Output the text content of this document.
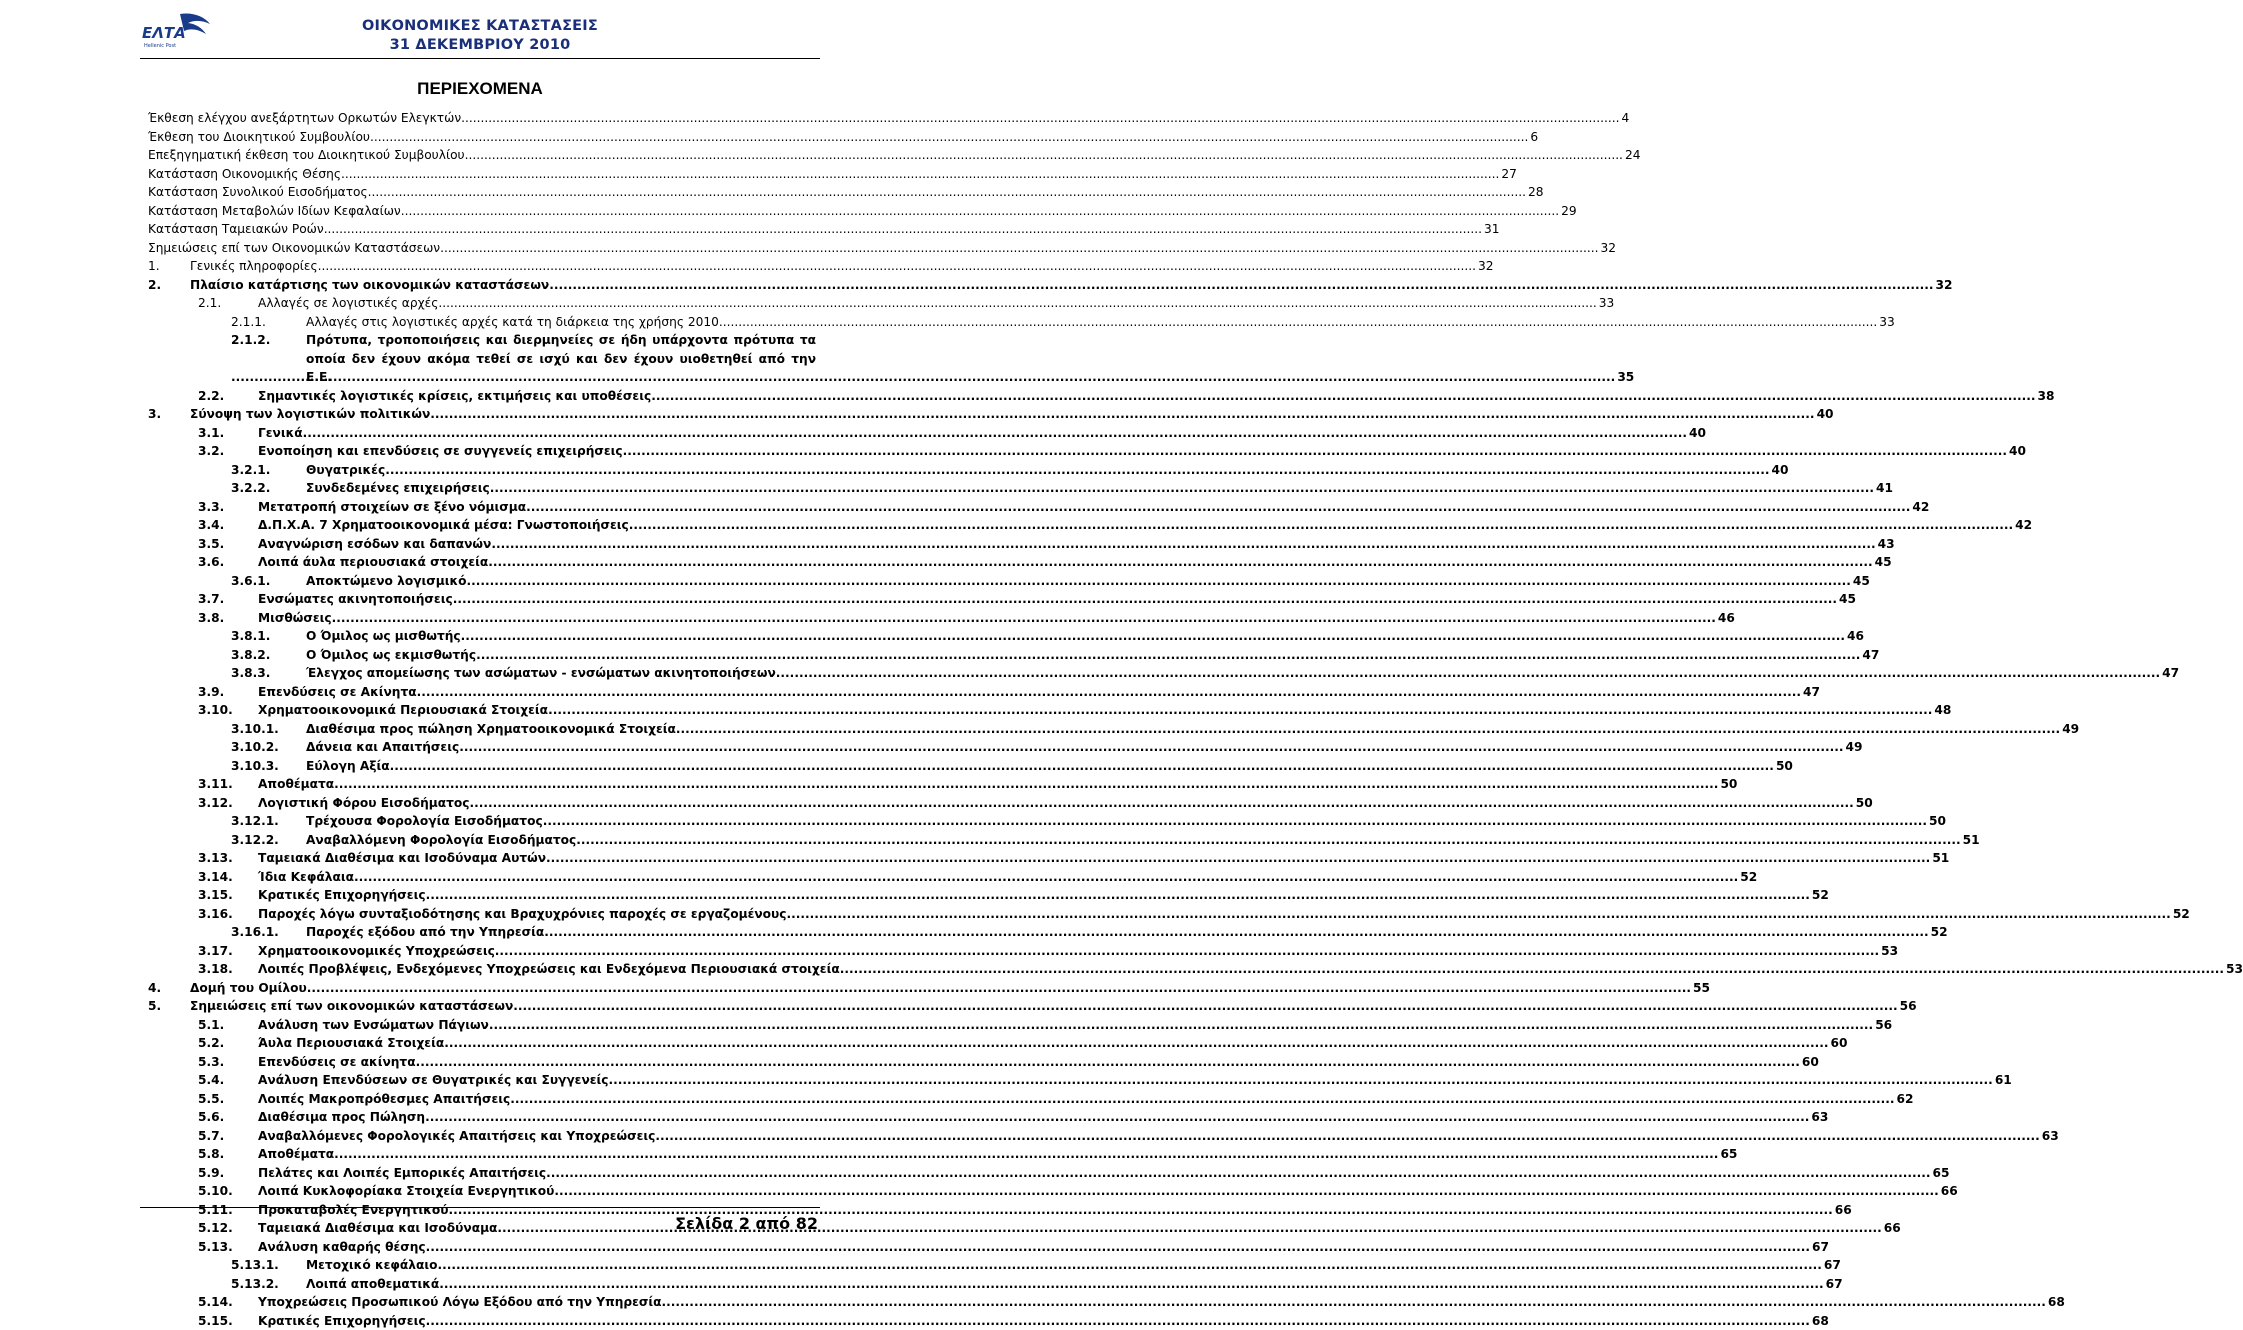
ΕΛΤΑ
Hellenic Post
ΟΙΚΟΝΟΜΙΚΕΣ ΚΑΤΑΣΤΑΣΕΙΣ
31 ΔΕΚΕΜΒΡΙΟΥ 2010
ΠΕΡΙΕΧΟΜΕΝΑ
Έκθεση ελέγχου ανεξάρτητων Ορκωτών Ελεγκτών .....	4
Έκθεση του Διοικητικού Συμβουλίου .....	6
Επεξηγηματική έκθεση του Διοικητικού Συμβουλίου .....	24
Κατάσταση Οικονομικής Θέσης .....	27
Κατάσταση Συνολικού Εισοδήματος .....	28
Κατάσταση Μεταβολών Ιδίων Κεφαλαίων .....	29
Κατάσταση Ταμειακών Ροών .....	31
Σημειώσεις επί των Οικονομικών Καταστάσεων .....	32
1.	Γενικές πληροφορίες .....	32
2.	Πλαίσιο κατάρτισης των οικονομικών καταστάσεων .....	32
2.1.	Αλλαγές σε λογιστικές αρχές .....	33
2.1.1.	Αλλαγές στις λογιστικές αρχές κατά τη διάρκεια της χρήσης 2010 .....	33
2.1.2.	Πρότυπα, τροποποιήσεις και διερμηνείες σε ήδη υπάρχοντα πρότυπα τα οποία δεν έχουν ακόμα τεθεί σε ισχύ και δεν έχουν υιοθετηθεί από την Ε.Ε. .....	35
2.2.	Σημαντικές λογιστικές κρίσεις, εκτιμήσεις και υποθέσεις .....	38
3.	Σύνοψη των λογιστικών πολιτικών .....	40
3.1.	Γενικά .....	40
3.2.	Ενοποίηση και επενδύσεις σε συγγενείς επιχειρήσεις .....	40
3.2.1.	Θυγατρικές .....	40
3.2.2.	Συνδεδεμένες επιχειρήσεις .....	41
3.3.	Μετατροπή στοιχείων σε ξένο νόμισμα .....	42
3.4.	Δ.Π.Χ.Α. 7 Χρηματοοικονομικά μέσα: Γνωστοποιήσεις .....	42
3.5.	Αναγνώριση εσόδων και δαπανών .....	43
3.6.	Λοιπά άυλα περιουσιακά στοιχεία .....	45
3.6.1.	Αποκτώμενο λογισμικό .....	45
3.7.	Ενσώματες ακινητοποιήσεις .....	45
3.8.	Μισθώσεις .....	46
3.8.1.	Ο Όμιλος ως μισθωτής .....	46
3.8.2.	Ο Όμιλος ως εκμισθωτής .....	47
3.8.3.	Έλεγχος απομείωσης των ασώματων - ενσώματων ακινητοποιήσεων .....	47
3.9.	Επενδύσεις σε Ακίνητα .....	47
3.10.	Χρηματοοικονομικά Περιουσιακά Στοιχεία .....	48
3.10.1.	Διαθέσιμα προς πώληση Χρηματοοικονομικά Στοιχεία .....	49
3.10.2.	Δάνεια και Απαιτήσεις .....	49
3.10.3.	Εύλογη Αξία .....	50
3.11.	Αποθέματα .....	50
3.12.	Λογιστική Φόρου Εισοδήματος .....	50
3.12.1.	Τρέχουσα Φορολογία Εισοδήματος .....	50
3.12.2.	Αναβαλλόμενη Φορολογία Εισοδήματος .....	51
3.13.	Ταμειακά Διαθέσιμα και Ισοδύναμα Αυτών .....	51
3.14.	Ίδια Κεφάλαια .....	52
3.15.	Κρατικές Επιχορηγήσεις .....	52
3.16.	Παροχές λόγω συνταξιοδότησης και Βραχυχρόνιες παροχές σε εργαζομένους .....	52
3.16.1.	Παροχές εξόδου από την Υπηρεσία .....	52
3.17.	Χρηματοοικονομικές Υποχρεώσεις .....	53
3.18.	Λοιπές Προβλέψεις, Ενδεχόμενες Υποχρεώσεις και Ενδεχόμενα Περιουσιακά στοιχεία .....	53
4.	Δομή του Ομίλου .....	55
5.	Σημειώσεις επί των οικονομικών καταστάσεων .....	56
5.1.	Ανάλυση των Ενσώματων Πάγιων .....	56
5.2.	Άυλα Περιουσιακά Στοιχεία .....	60
5.3.	Επενδύσεις σε ακίνητα .....	60
5.4.	Ανάλυση Επενδύσεων σε Θυγατρικές και Συγγενείς .....	61
5.5.	Λοιπές Μακροπρόθεσμες Απαιτήσεις .....	62
5.6.	Διαθέσιμα προς Πώληση .....	63
5.7.	Αναβαλλόμενες Φορολογικές Απαιτήσεις και Υποχρεώσεις .....	63
5.8.	Αποθέματα .....	65
5.9.	Πελάτες και Λοιπές Εμπορικές Απαιτήσεις .....	65
5.10.	Λοιπά Κυκλοφορίακα Στοιχεία Ενεργητικού .....	66
5.11.	Προκαταβολές Ενεργητικού .....	66
5.12.	Ταμειακά Διαθέσιμα και Ισοδύναμα .....	66
5.13.	Ανάλυση καθαρής θέσης .....	67
5.13.1.	Μετοχικό κεφάλαιο .....	67
5.13.2.	Λοιπά αποθεματικά .....	67
5.14.	Υποχρεώσεις Προσωπικού Λόγω Εξόδου από την Υπηρεσία .....	68
5.15.	Κρατικές Επιχορηγήσεις .....	68
Σελίδα 2 από 82
